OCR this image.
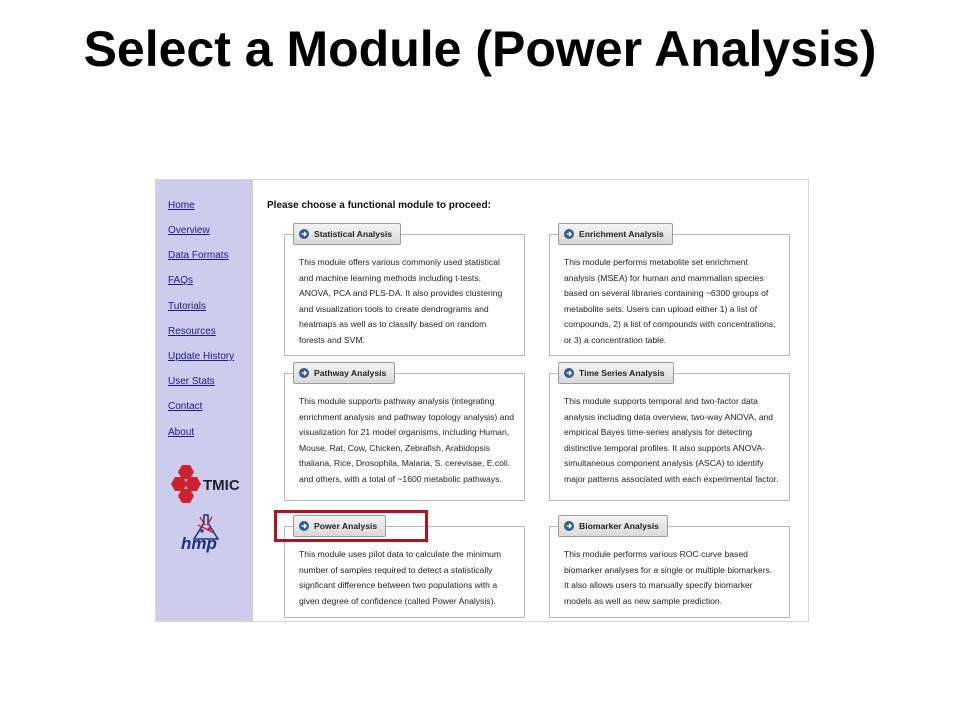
Select a Module (Power Analysis)
Home
Overview
Data Formats
FAQs
Tutorials
Resources
Update History
User Stats
Contact
About
TMIC
hmp
Please choose a functional module to proceed:
This module offers various commonly used statistical and machine learning methods including t-tests, ANOVA, PCA and PLS-DA. It also provides clustering and visualization tools to create dendrograms and heatmaps as well as to classify based on random forests and SVM.
Statistical Analysis
This module performs metabolite set enrichment analysis (MSEA) for human and mammalian species based on several libraries containing ~6300 groups of metabolite sets. Users can upload either 1) a list of compounds, 2) a list of compounds with concentrations, or 3) a concentration table.
Enrichment Analysis
This module supports pathway analysis (integrating enrichment analysis and pathway topology analysis) and visualization for 21 model organisms, including Human, Mouse, Rat, Cow, Chicken, Zebrafish, Arabidopsis thaliana, Rice, Drosophila, Malaria, S. cerevisae, E.coli. and others, with a total of ~1600 metabolic pathways.
Pathway Analysis
This module supports temporal and two-factor data analysis including data overview, two-way ANOVA, and empirical Bayes time-series analysis for detecting distinctive temporal profiles. It also supports ANOVA-simultaneous component analysis (ASCA) to identify major patterns associated with each experimental factor.
Time Series Analysis
This module uses pilot data to calculate the minimum number of samples required to detect a statistically signficant difference between two populations with a given degree of confidence (called Power Analysis).
Power Analysis
This module performs various ROC curve based biomarker analyses for a single or multiple biomarkers. It also allows users to manually specify biomarker models as well as new sample prediction.
Biomarker Analysis
